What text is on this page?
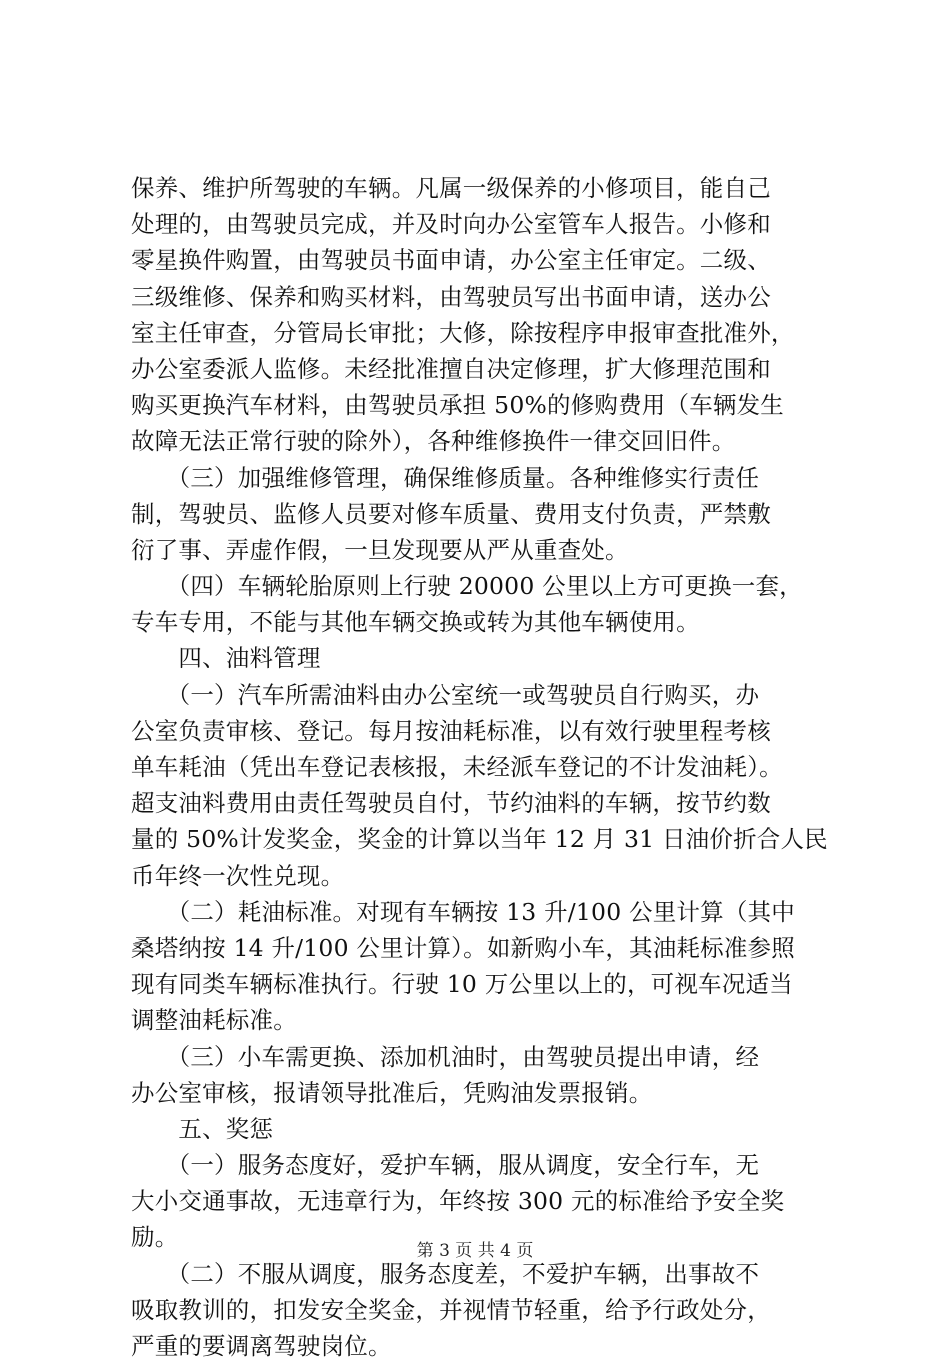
保养、维护所驾驶的车辆。凡属一级保养的小修项目，能自己
处理的，由驾驶员完成，并及时向办公室管车人报告。小修和
零星换件购置，由驾驶员书面申请，办公室主任审定。二级、
三级维修、保养和购买材料，由驾驶员写出书面申请，送办公
室主任审查，分管局长审批；大修，除按程序申报审查批准外，
办公室委派人监修。未经批准擅自决定修理，扩大修理范围和
购买更换汽车材料，由驾驶员承担 50%的修购费用（车辆发生
故障无法正常行驶的除外），各种维修换件一律交回旧件。
　　（三）加强维修管理，确保维修质量。各种维修实行责任
制，驾驶员、监修人员要对修车质量、费用支付负责，严禁敷
衍了事、弄虚作假，一旦发现要从严从重查处。
　　（四）车辆轮胎原则上行驶 20000 公里以上方可更换一套，
专车专用，不能与其他车辆交换或转为其他车辆使用。
　　四、油料管理
　　（一）汽车所需油料由办公室统一或驾驶员自行购买，办
公室负责审核、登记。每月按油耗标准，以有效行驶里程考核
单车耗油（凭出车登记表核报，未经派车登记的不计发油耗）。
超支油料费用由责任驾驶员自付，节约油料的车辆，按节约数
量的 50%计发奖金，奖金的计算以当年 12 月 31 日油价折合人民
币年终一次性兑现。
　　（二）耗油标准。对现有车辆按 13 升/100 公里计算（其中
桑塔纳按 14 升/100 公里计算）。如新购小车，其油耗标准参照
现有同类车辆标准执行。行驶 10 万公里以上的，可视车况适当
调整油耗标准。
　　（三）小车需更换、添加机油时，由驾驶员提出申请，经
办公室审核，报请领导批准后，凭购油发票报销。
　　五、奖惩
　　（一）服务态度好，爱护车辆，服从调度，安全行车，无
大小交通事故，无违章行为，年终按 300 元的标准给予安全奖
励。
　　（二）不服从调度，服务态度差，不爱护车辆，出事故不
吸取教训的，扣发安全奖金，并视情节轻重，给予行政处分，
严重的要调离驾驶岗位。
第 3 页 共 4 页
